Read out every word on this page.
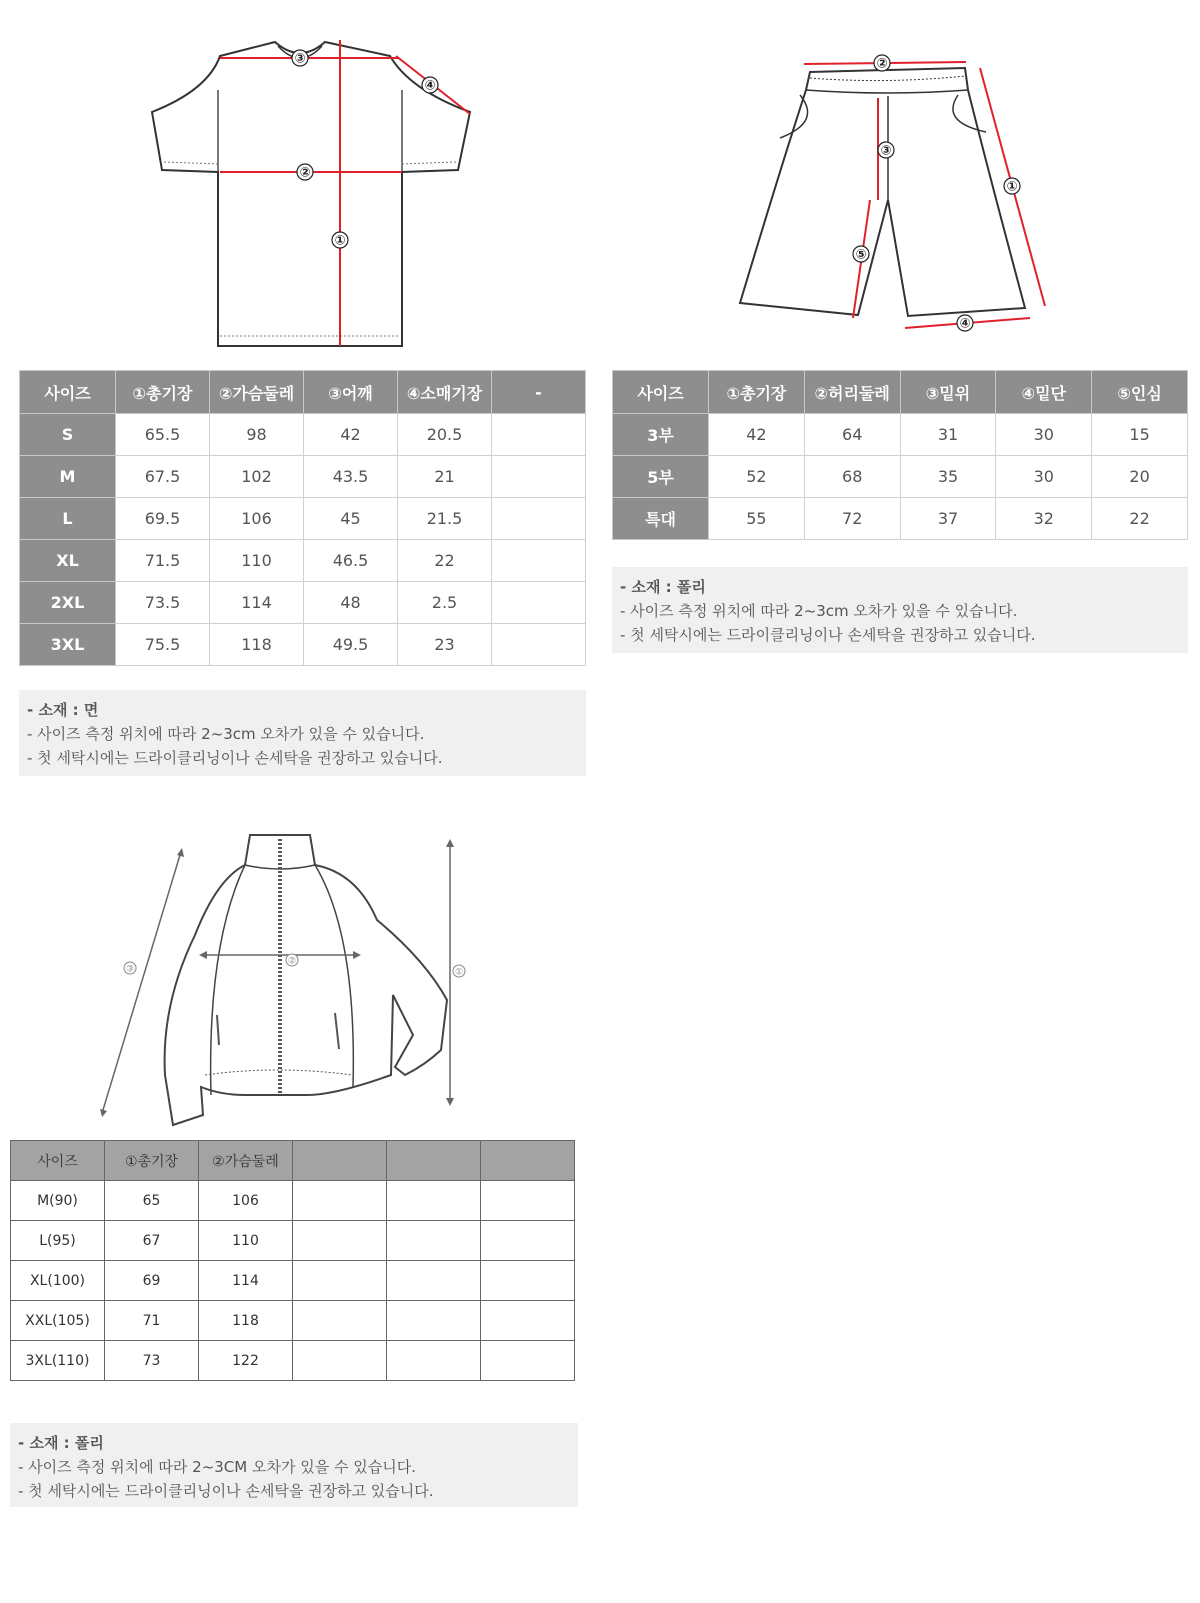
③
④
②
①
②
③
①
⑤
④
사이즈	①총기장	②가슴둘레	③어깨	④소매기장	-
S	65.5	98	42	20.5	
M	67.5	102	43.5	21	
L	69.5	106	45	21.5	
XL	71.5	110	46.5	22	
2XL	73.5	114	48	2.5	
3XL	75.5	118	49.5	23	
- 소재 : 면
- 사이즈 측정 위치에 따라 2~3cm 오차가 있을 수 있습니다.
- 첫 세탁시에는 드라이클리닝이나 손세탁을 권장하고 있습니다.
사이즈	①총기장	②허리둘레	③밑위	④밑단	⑤인심
3부	42	64	31	30	15
5부	52	68	35	30	20
특대	55	72	37	32	22
- 소재 : 폴리
- 사이즈 측정 위치에 따라 2~3cm 오차가 있을 수 있습니다.
- 첫 세탁시에는 드라이클리닝이나 손세탁을 권장하고 있습니다.
②
①
③
사이즈	①총기장	②가슴둘레			
M(90)	65	106			
L(95)	67	110			
XL(100)	69	114			
XXL(105)	71	118			
3XL(110)	73	122			
- 소재 : 폴리
- 사이즈 측정 위치에 따라 2~3CM 오차가 있을 수 있습니다.
- 첫 세탁시에는 드라이클리닝이나 손세탁을 권장하고 있습니다.
